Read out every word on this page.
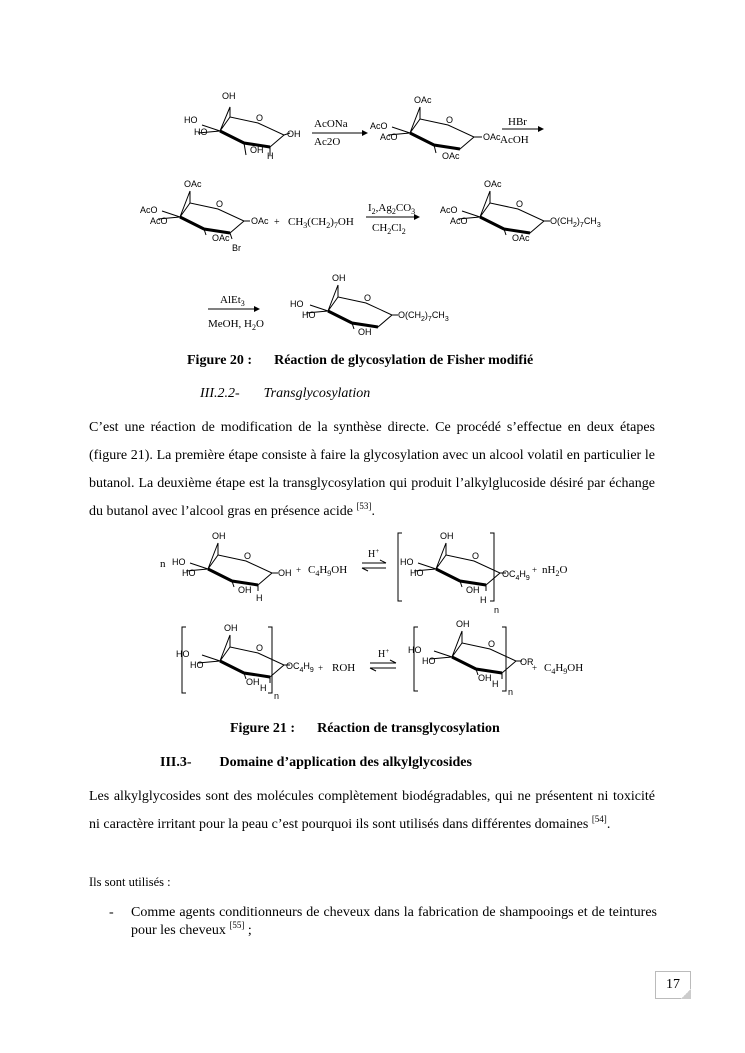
OH
HO
HO
O
OH
OH
H
AcONa
Ac2O
OAc
AcO
AcO
O
OAc
OAc
HBr
AcOH
OAc
AcO
AcO
O
OAc
OAc
Br
+ $CH_3(CH_2)_7OH$
$I_2,Ag_2CO_3$
$CH_2Cl_2$
OAc
AcO
AcO
O
$O(CH_2)_7CH_3$
OAc
AlEt$_3$
MeOH, $H_2O$
OH
HO
HO
O
$O(CH_2)_7CH_3$
OH
Figure 20 : Réaction de glycosylation de Fisher modifié
III.2.2- Transglycosylation
C’est une réaction de modification de la synthèse directe. Ce procédé s’effectue en deux étapes (figure 21). La première étape consiste à faire la glycosylation avec un alcool volatil en particulier le butanol. La deuxième étape est la transglycosylation qui produit l’alkylglucoside désiré par échange du butanol avec l’alcool gras en présence acide [53].
n
OH
HO
HO
O
OH
OH
H
+ $C_4H_9OH$
H+
OH
HO
HO
O
$OC_4H_9$
OH
H
n
+ $nH_2O$
OH
HO
HO
O
$OC_4H_9$
OH
H
n
+ ROH
H+
OH
HO
HO
O
OR
OH
H
n
+ $C_4H_9OH$
Figure 21 : Réaction de transglycosylation
III.3- Domaine d’application des alkylglycosides
Les alkylglycosides sont des molécules complètement biodégradables, qui ne présentent ni toxicité ni caractère irritant pour la peau c’est pourquoi ils sont utilisés dans différentes domaines [54].
Ils sont utilisés :
- Comme agents conditionneurs de cheveux dans la fabrication de shampooings et de teintures pour les cheveux [55] ;
17
